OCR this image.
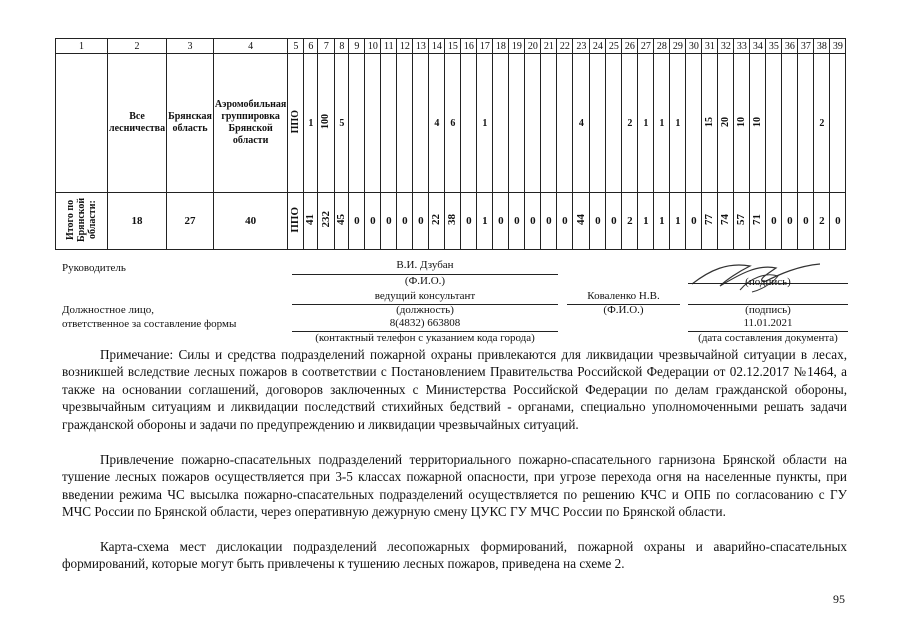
1	2	3	4	5	6	7	8	9	10	11	12	13	14	15	16	17	18	19	20	21	22	23	24	25	26	27	28	29	30	31	32	33	34	35	36	37	38	39

	Все лесничества	Брянская область	Аэромобильная группировка Брянской области	ППО	1	100	5						4	6		1						4			2	1	1	1		15	20	10	10				2	
Итого по Брянской области:	18	27	40	ППО	41	232	45	0	0	0	0	0	22	38	0	1	0	0	0	0	0	44	0	0	2	1	1	1	0	77	74	57	71	0	0	0	2	0
Руководитель	В.И. Дзубан
(Ф.И.О.)	(подпись)
ведущий консультант	Коваленко Н.В.
Должностное лицо,	(должность)	(Ф.И.О.)	(подпись)
ответственное за составление формы	8(4832) 663808	11.01.2021
(контактный телефон с указанием кода города)	(дата составления документа)
Примечание: Силы и средства подразделений пожарной охраны привлекаются для ликвидации чрезвычайной ситуации в лесах, возникшей вследствие лесных пожаров в соответствии с Постановлением Правительства Российской Федерации от 02.12.2017 №1464, а также на основании соглашений, договоров заключенных с Министерства Российской Федерации по делам гражданской обороны, чрезвычайным ситуациям и ликвидации последствий стихийных бедствий - органами, специально уполномоченными решать задачи гражданской обороны и задачи по предупреждению и ликвидации чрезвычайных ситуаций.
Привлечение пожарно-спасательных подразделений территориального пожарно-спасательного гарнизона Брянской области на тушение лесных пожаров осуществляется при 3-5 классах пожарной опасности, при угрозе перехода огня на населенные пункты, при введении режима ЧС высылка пожарно-спасательных подразделений осуществляется по решению КЧС и ОПБ по согласованию с ГУ МЧС России по Брянской области, через оперативную дежурную смену ЦУКС ГУ МЧС России по Брянской области.
Карта-схема мест дислокации подразделений лесопожарных формирований, пожарной охраны и аварийно-спасательных формирований, которые могут быть привлечены к тушению лесных пожаров, приведена на схеме 2.
95
